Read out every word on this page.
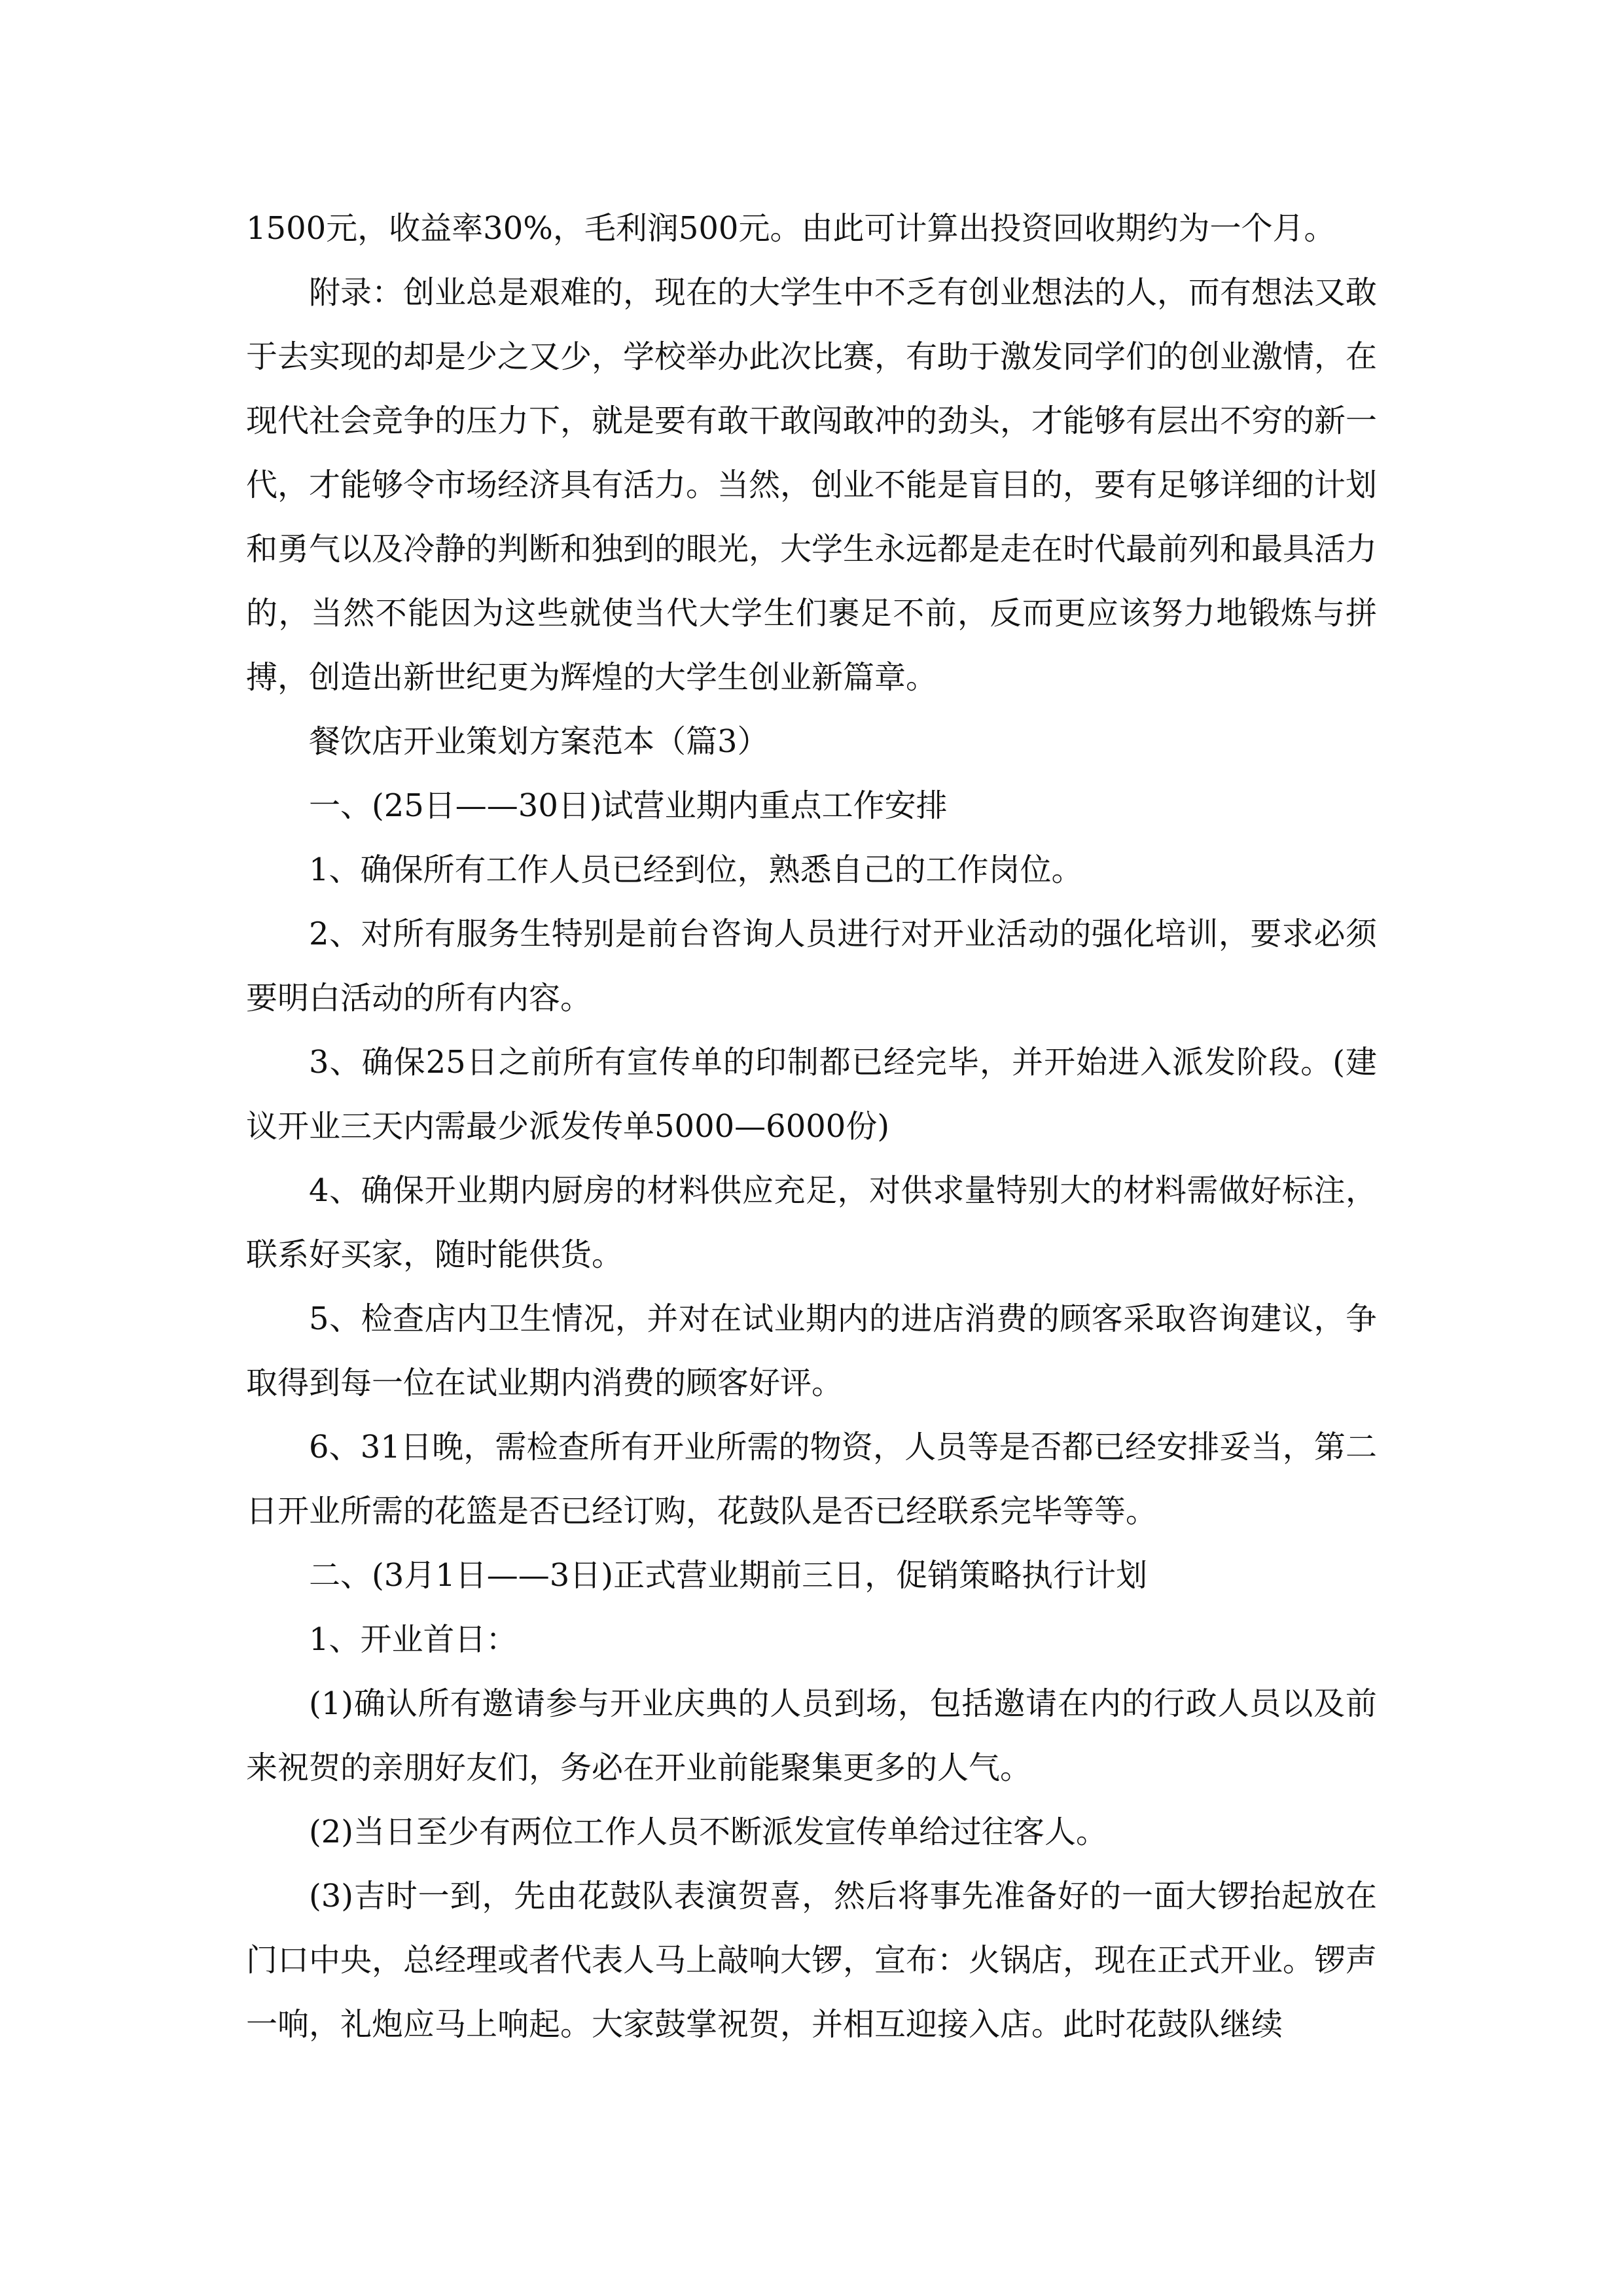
1500元，收益率30%，毛利润500元。由此可计算出投资回收期约为一个月。

附录：创业总是艰难的，现在的大学生中不乏有创业想法的人，而有想法又敢于去实现的却是少之又少，学校举办此次比赛，有助于激发同学们的创业激情，在现代社会竞争的压力下，就是要有敢干敢闯敢冲的劲头，才能够有层出不穷的新一代，才能够令市场经济具有活力。当然，创业不能是盲目的，要有足够详细的计划和勇气以及冷静的判断和独到的眼光，大学生永远都是走在时代最前列和最具活力的，当然不能因为这些就使当代大学生们裹足不前，反而更应该努力地锻炼与拼搏，创造出新世纪更为辉煌的大学生创业新篇章。

餐饮店开业策划方案范本（篇3）

一、(25日——30日)试营业期内重点工作安排

1、确保所有工作人员已经到位，熟悉自己的工作岗位。

2、对所有服务生特别是前台咨询人员进行对开业活动的强化培训，要求必须要明白活动的所有内容。

3、确保25日之前所有宣传单的印制都已经完毕，并开始进入派发阶段。(建议开业三天内需最少派发传单5000—6000份)

4、确保开业期内厨房的材料供应充足，对供求量特别大的材料需做好标注，联系好买家，随时能供货。

5、检查店内卫生情况，并对在试业期内的进店消费的顾客采取咨询建议，争取得到每一位在试业期内消费的顾客好评。

6、31日晚，需检查所有开业所需的物资，人员等是否都已经安排妥当，第二日开业所需的花篮是否已经订购，花鼓队是否已经联系完毕等等。

二、(3月1日——3日)正式营业期前三日，促销策略执行计划

1、开业首日：

(1)确认所有邀请参与开业庆典的人员到场，包括邀请在内的行政人员以及前来祝贺的亲朋好友们，务必在开业前能聚集更多的人气。

(2)当日至少有两位工作人员不断派发宣传单给过往客人。

(3)吉时一到，先由花鼓队表演贺喜，然后将事先准备好的一面大锣抬起放在门口中央，总经理或者代表人马上敲响大锣，宣布：火锅店，现在正式开业。锣声一响，礼炮应马上响起。大家鼓掌祝贺，并相互迎接入店。此时花鼓队继续
